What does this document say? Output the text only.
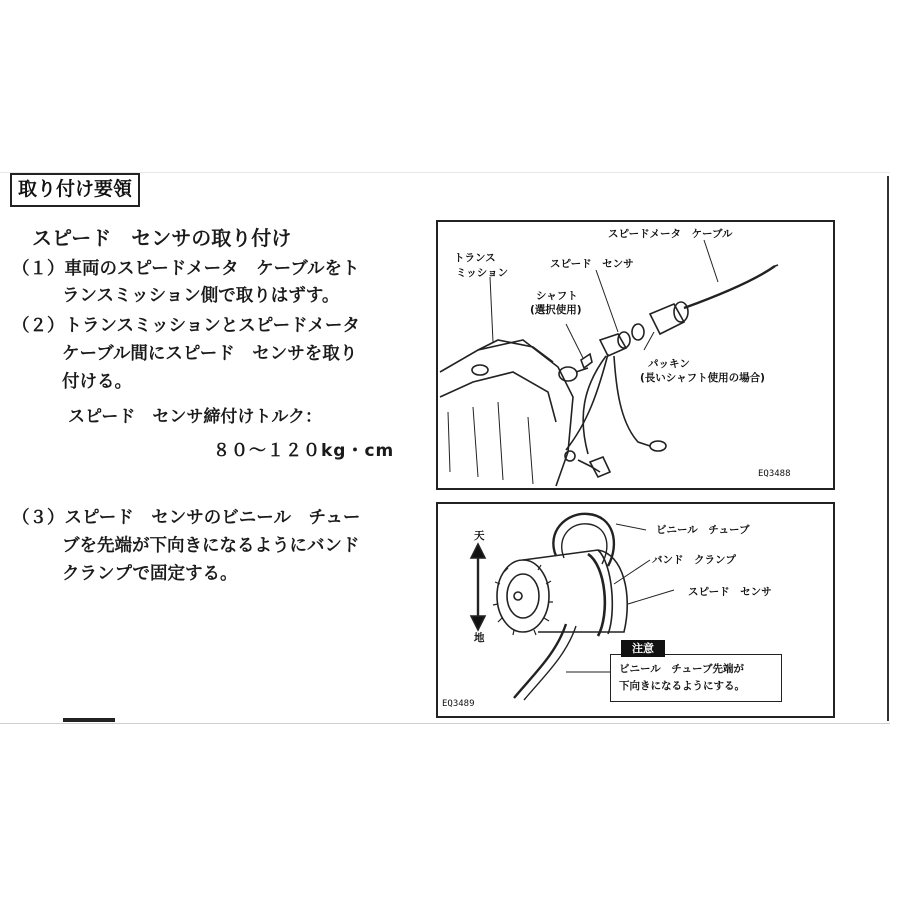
取り付け要領
スピード　センサの取り付け
（１）車両のスピードメータ　ケーブルをト
ランスミッション側で取りはずす。
（２）トランスミッションとスピードメータ
ケーブル間にスピード　センサを取り
付ける。
スピード　センサ締付けトルク：
８０〜１２０kg・cm
（３）スピード　センサのビニール　チュー
ブを先端が下向きになるようにバンド
クランプで固定する。
トランス
ミッション
スピードメータ　ケーブル
スピード　センサ
シャフト
(選択使用)
パッキン
(長いシャフト使用の場合)
EQ3488
天
地
ビニール　チューブ
バンド　クランプ
スピード　センサ
ビニール　チューブ先端が
下向きになるようにする。
注意
EQ3489
